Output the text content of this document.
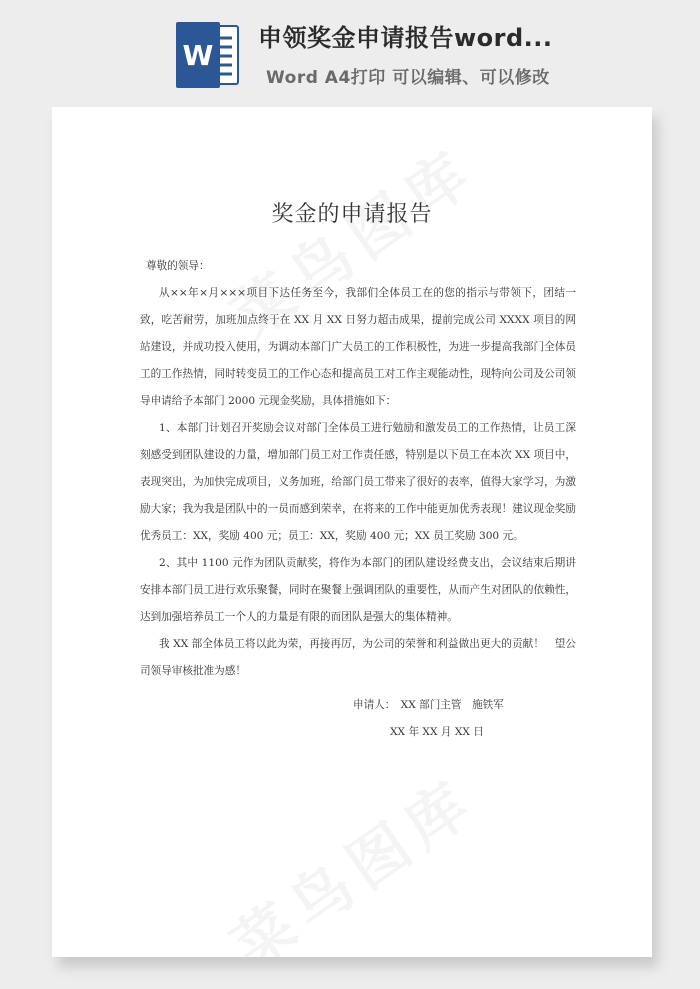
W
申领奖金申请报告word...
Word A4打印 可以编辑、可以修改
奖金的申请报告

尊敬的领导：

从××年×月×××项目下达任务至今，我部们全体员工在的您的指示与带领下，团结一致，吃苦耐劳，加班加点终于在 XX 月 XX 日努力超击成果，提前完成公司 XXXX 项目的网站建设，并成功投入使用，为调动本部门广大员工的工作积极性，为进一步提高我部门全体员工的工作热情，同时转变员工的工作心态和提高员工对工作主观能动性，现特向公司及公司领导申请给予本部门 2000 元现金奖励，具体措施如下：

1、本部门计划召开奖励会议对部门全体员工进行勉励和激发员工的工作热情，让员工深刻感受到团队建设的力量，增加部门员工对工作责任感，特别是以下员工在本次 XX 项目中，表现突出，为加快完成项目，义务加班，给部门员工带来了很好的表率，值得大家学习，为激励大家；我为我是团队中的一员而感到荣幸，在将来的工作中能更加优秀表现！建议现金奖励优秀员工：XX，奖励 400 元；员工：XX，奖励 400 元；XX 员工奖励 300 元。

2、其中 1100 元作为团队贡献奖，将作为本部门的团队建设经费支出，会议结束后期讲安排本部门员工进行欢乐聚餐，同时在聚餐上强调团队的重要性，从而产生对团队的依赖性，达到加强培养员工一个人的力量是有限的而团队是强大的集体精神。

我 XX 部全体员工将以此为荣，再接再厉，为公司的荣誉和利益做出更大的贡献！　望公司领导审核批准为感！

申请人：　XX 部门主管　施铁军
XX 年 XX 月 XX 日
